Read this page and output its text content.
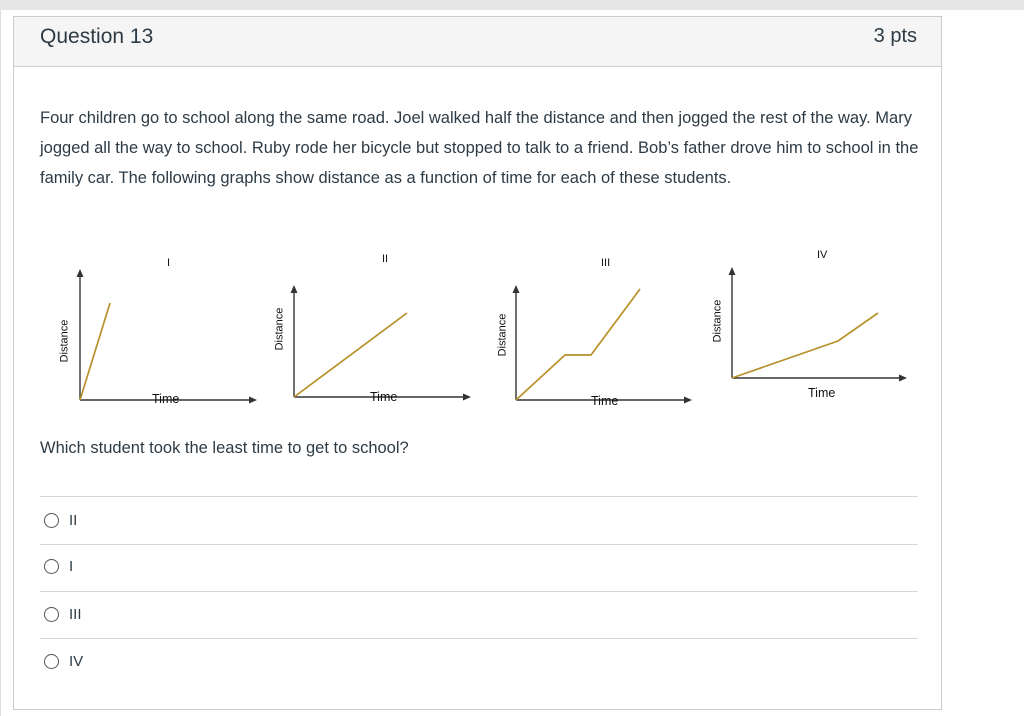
Question 13	3 pts
Four children go to school along the same road. Joel walked half the distance and then jogged the rest of the way. Mary jogged all the way to school. Ruby rode her bicycle but stopped to talk to a friend. Bob’s father drove him to school in the family car. The following graphs show distance as a function of time for each of these students.
I
Distance
Time
II
Distance
Time
III
Distance
Time
IV
Distance
Time
Which student took the least time to get to school?
II
I
III
IV
